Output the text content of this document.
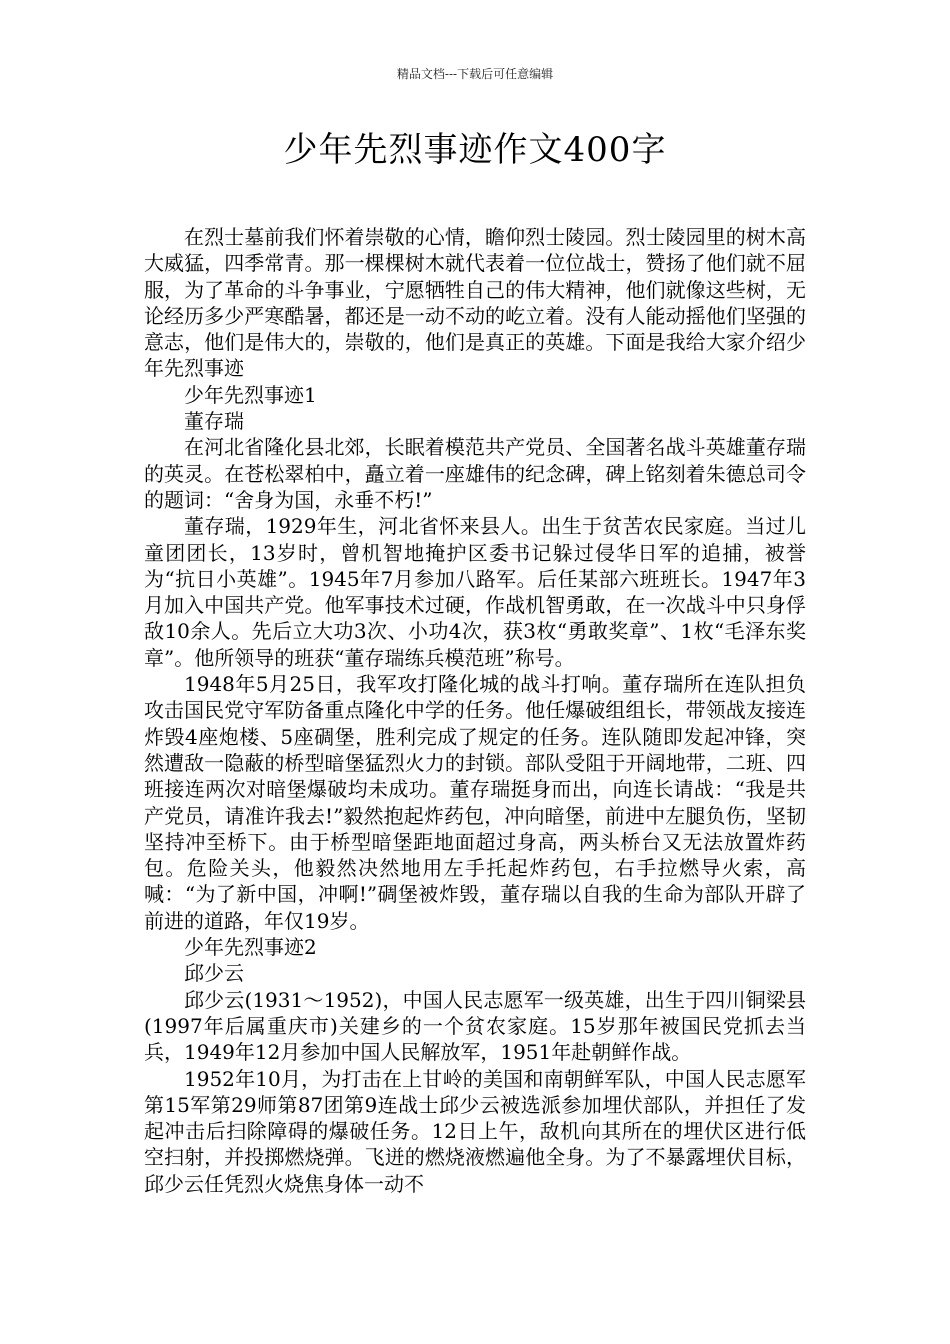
精品文档---下载后可任意编辑
少年先烈事迹作文400字

在烈士墓前我们怀着崇敬的心情，瞻仰烈士陵园。烈士陵园里的树木高大威猛，四季常青。那一棵棵树木就代表着一位位战士，赞扬了他们就不屈服，为了革命的斗争事业，宁愿牺牲自己的伟大精神，他们就像这些树，无论经历多少严寒酷暑，都还是一动不动的屹立着。没有人能动摇他们坚强的意志，他们是伟大的，崇敬的，他们是真正的英雄。下面是我给大家介绍少年先烈事迹

少年先烈事迹1

董存瑞

在河北省隆化县北郊，长眠着模范共产党员、全国著名战斗英雄董存瑞的英灵。在苍松翠柏中，矗立着一座雄伟的纪念碑，碑上铭刻着朱德总司令的题词：“舍身为国，永垂不朽!”

董存瑞，1929年生，河北省怀来县人。出生于贫苦农民家庭。当过儿童团团长，13岁时，曾机智地掩护区委书记躲过侵华日军的追捕，被誉为“抗日小英雄”。1945年7月参加八路军。后任某部六班班长。1947年3月加入中国共产党。他军事技术过硬，作战机智勇敢，在一次战斗中只身俘敌10余人。先后立大功3次、小功4次，获3枚“勇敢奖章”、1枚“毛泽东奖章”。他所领导的班获“董存瑞练兵模范班”称号。

1948年5月25日，我军攻打隆化城的战斗打响。董存瑞所在连队担负攻击国民党守军防备重点隆化中学的任务。他任爆破组组长，带领战友接连炸毁4座炮楼、5座碉堡，胜利完成了规定的任务。连队随即发起冲锋，突然遭敌一隐蔽的桥型暗堡猛烈火力的封锁。部队受阻于开阔地带，二班、四班接连两次对暗堡爆破均未成功。董存瑞挺身而出，向连长请战：“我是共产党员，请准许我去!”毅然抱起炸药包，冲向暗堡，前进中左腿负伤，坚韧坚持冲至桥下。由于桥型暗堡距地面超过身高，两头桥台又无法放置炸药包。危险关头，他毅然决然地用左手托起炸药包，右手拉燃导火索，高喊：“为了新中国，冲啊!”碉堡被炸毁，董存瑞以自我的生命为部队开辟了前进的道路，年仅19岁。

少年先烈事迹2

邱少云

邱少云(1931～1952)，中国人民志愿军一级英雄，出生于四川铜梁县(1997年后属重庆市)关建乡的一个贫农家庭。15岁那年被国民党抓去当兵，1949年12月参加中国人民解放军，1951年赴朝鲜作战。

1952年10月，为打击在上甘岭的美国和南朝鲜军队，中国人民志愿军第15军第29师第87团第9连战士邱少云被选派参加埋伏部队，并担任了发起冲击后扫除障碍的爆破任务。12日上午，敌机向其所在的埋伏区进行低空扫射，并投掷燃烧弹。飞迸的燃烧液燃遍他全身。为了不暴露埋伏目标，邱少云任凭烈火烧焦身体一动不
